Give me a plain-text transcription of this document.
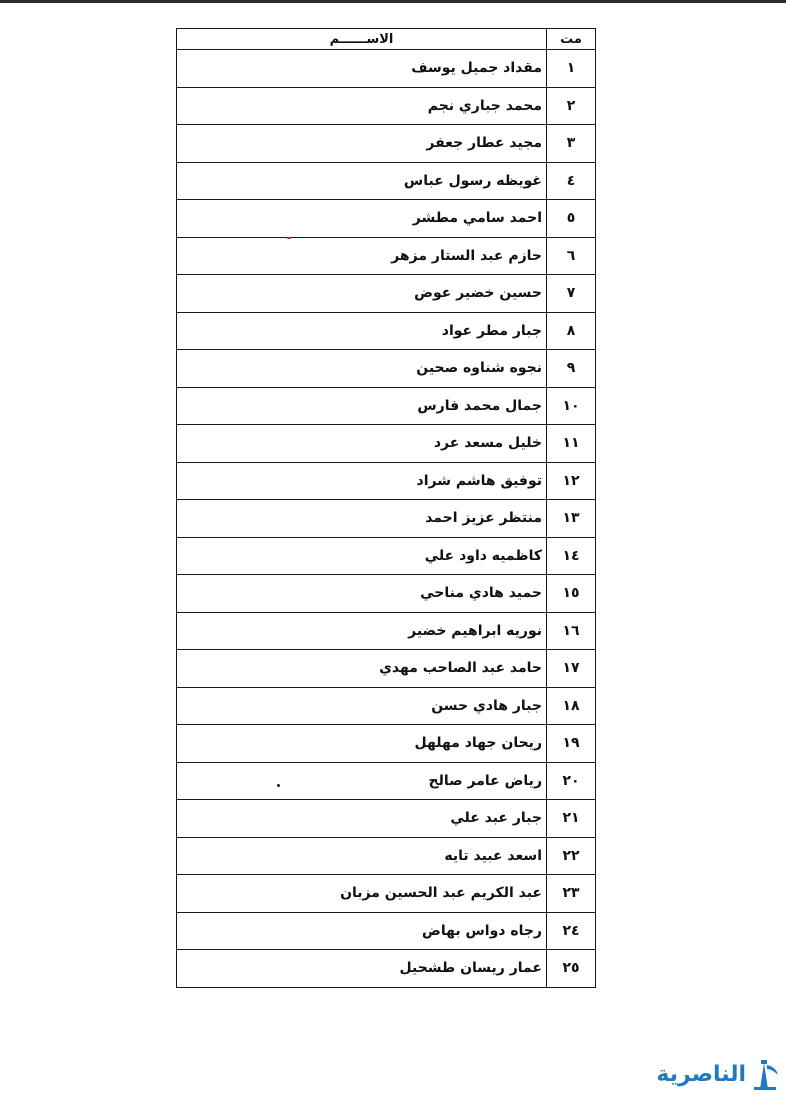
مت	الاســــــم
١	مقداد جميل يوسف
٢	محمد جباري نجم
٣	مجيد عطار جعفر
٤	غويظه رسول عباس
٥	احمد سامي مطشر
٦	حازم عبد الستار مزهر
٧	حسين خضير عوض
٨	جبار مطر عواد
٩	نجوه شناوه صحين
١٠	جمال محمد فارس
١١	خليل مسعد عرد
١٢	توفيق هاشم شراد
١٣	منتظر عزيز احمد
١٤	كاظميه داود علي
١٥	حميد هادي مناحي
١٦	نوريه ابراهيم خضير
١٧	حامد عبد الصاحب مهدي
١٨	جبار هادي حسن
١٩	ريحان جهاد مهلهل
٢٠	رياض عامر صالح
٢١	جبار عبد علي
٢٢	اسعد عبيد تايه
٢٣	عبد الكريم عبد الحسين مزبان
٢٤	رجاه دواس بهاض
٢٥	عمار ريسان طشحيل
الناصرية
